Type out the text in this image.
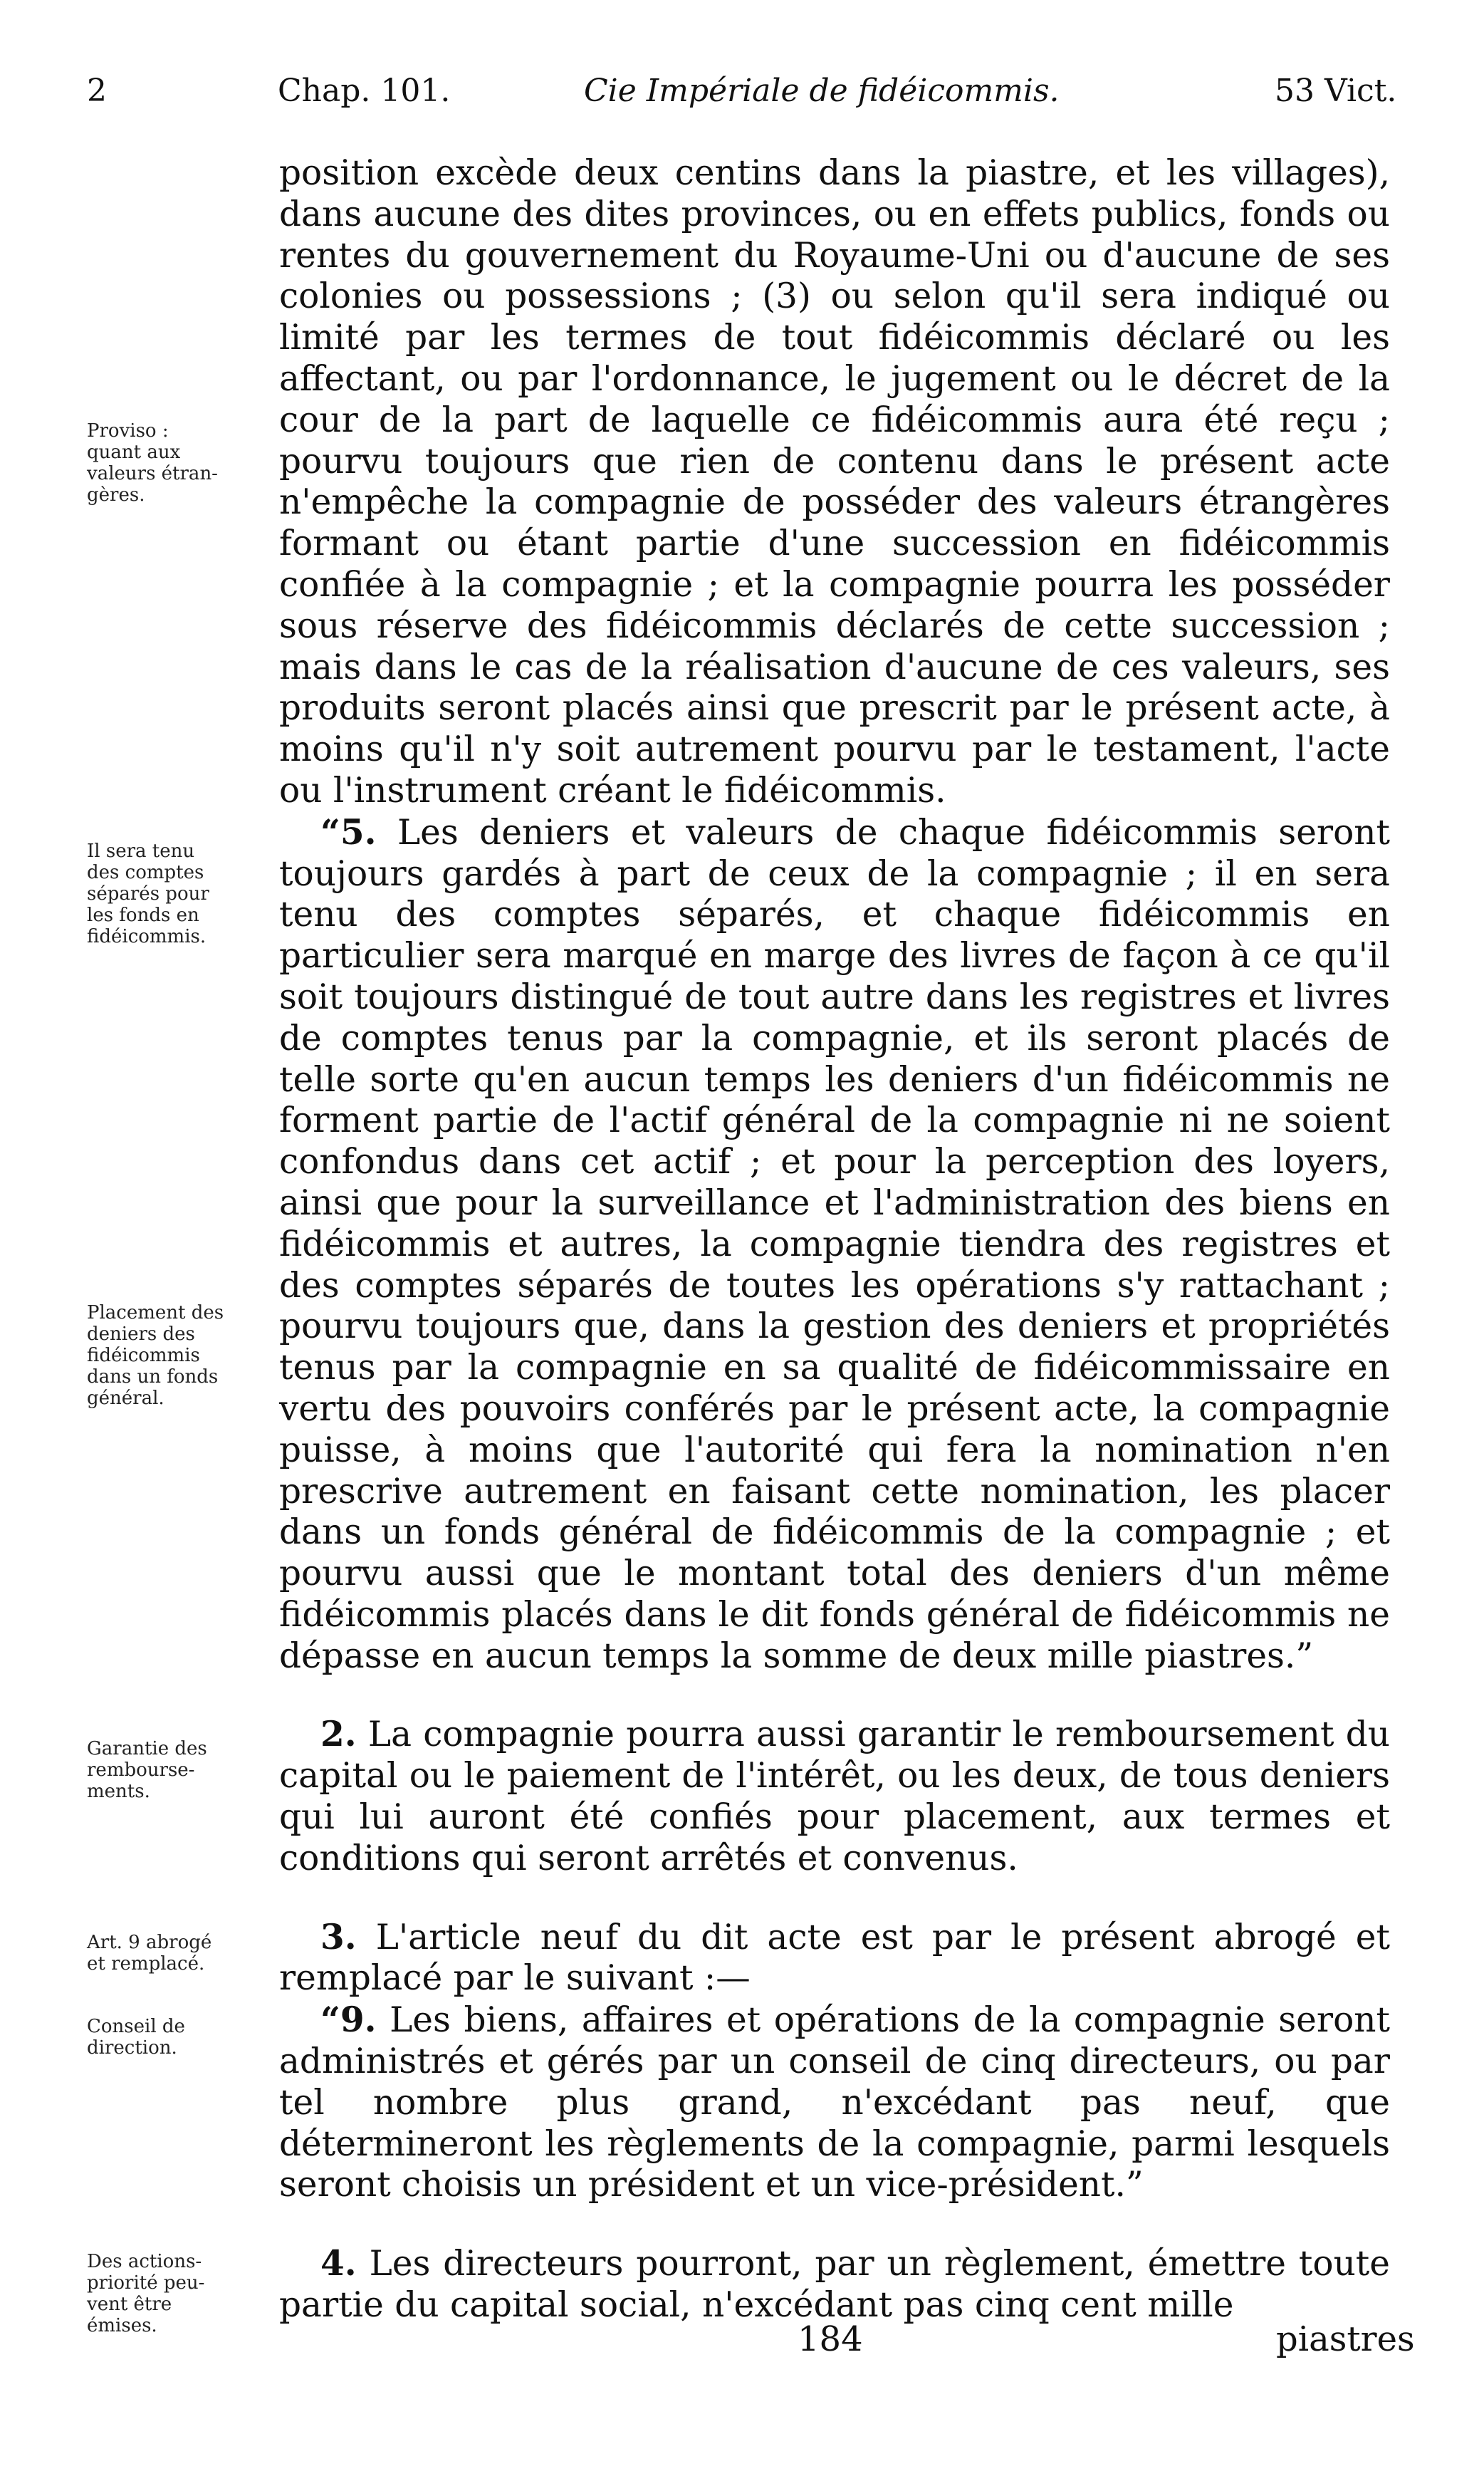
2	Chap. 101.	Cie Impériale de fidéicommis.	53 Vict.

position excède deux centins dans la piastre, et les villages), dans aucune des dites provinces, ou en effets publics, fonds ou rentes du gouvernement du Royaume-Uni ou d'aucune de ses colonies ou possessions ; (3) ou selon qu'il sera indiqué ou limité par les termes de tout fidéicommis déclaré ou les affectant, ou par l'ordonnance, le jugement ou le décret de la cour de la part de laquelle ce fidéicommis aura été reçu ; pourvu toujours que rien de contenu dans le présent acte n'empêche la compagnie de posséder des valeurs étrangères formant ou étant partie d'une succession en fidéicommis confiée à la compagnie ; et la compagnie pourra les posséder sous réserve des fidéicommis déclarés de cette succession ; mais dans le cas de la réalisation d'aucune de ces valeurs, ses produits seront placés ainsi que prescrit par le présent acte, à moins qu'il n'y soit autrement pourvu par le testament, l'acte ou l'instrument créant le fidéicommis.

“5. Les deniers et valeurs de chaque fidéicommis seront toujours gardés à part de ceux de la compagnie ; il en sera tenu des comptes séparés, et chaque fidéicommis en particulier sera marqué en marge des livres de façon à ce qu'il soit toujours distingué de tout autre dans les registres et livres de comptes tenus par la compagnie, et ils seront placés de telle sorte qu'en aucun temps les deniers d'un fidéicommis ne forment partie de l'actif général de la compagnie ni ne soient confondus dans cet actif ; et pour la perception des loyers, ainsi que pour la surveillance et l'administration des biens en fidéicommis et autres, la compagnie tiendra des registres et des comptes séparés de toutes les opérations s'y rattachant ; pourvu toujours que, dans la gestion des deniers et propriétés tenus par la compagnie en sa qualité de fidéicommissaire en vertu des pouvoirs conférés par le présent acte, la compagnie puisse, à moins que l'autorité qui fera la nomination n'en prescrive autrement en faisant cette nomination, les placer dans un fonds général de fidéicommis de la compagnie ; et pourvu aussi que le montant total des deniers d'un même fidéicommis placés dans le dit fonds général de fidéicommis ne dépasse en aucun temps la somme de deux mille piastres.”

2. La compagnie pourra aussi garantir le remboursement du capital ou le paiement de l'intérêt, ou les deux, de tous deniers qui lui auront été confiés pour placement, aux termes et conditions qui seront arrêtés et convenus.

3. L'article neuf du dit acte est par le présent abrogé et remplacé par le suivant :—

“9. Les biens, affaires et opérations de la compagnie seront administrés et gérés par un conseil de cinq directeurs, ou par tel nombre plus grand, n'excédant pas neuf, que détermineront les règlements de la compagnie, parmi lesquels seront choisis un président et un vice-président.”

4. Les directeurs pourront, par un règlement, émettre toute partie du capital social, n'excédant pas cinq cent mille

Proviso :
quant aux
valeurs étran-
gères.
Il sera tenu
des comptes
séparés pour
les fonds en
fidéicommis.
Placement des
deniers des
fidéicommis
dans un fonds
général.
Garantie des
rembourse-
ments.
Art. 9 abrogé
et remplacé.
Conseil de
direction.
Des actions-
priorité peu-
vent être
émises.	184	piastres
